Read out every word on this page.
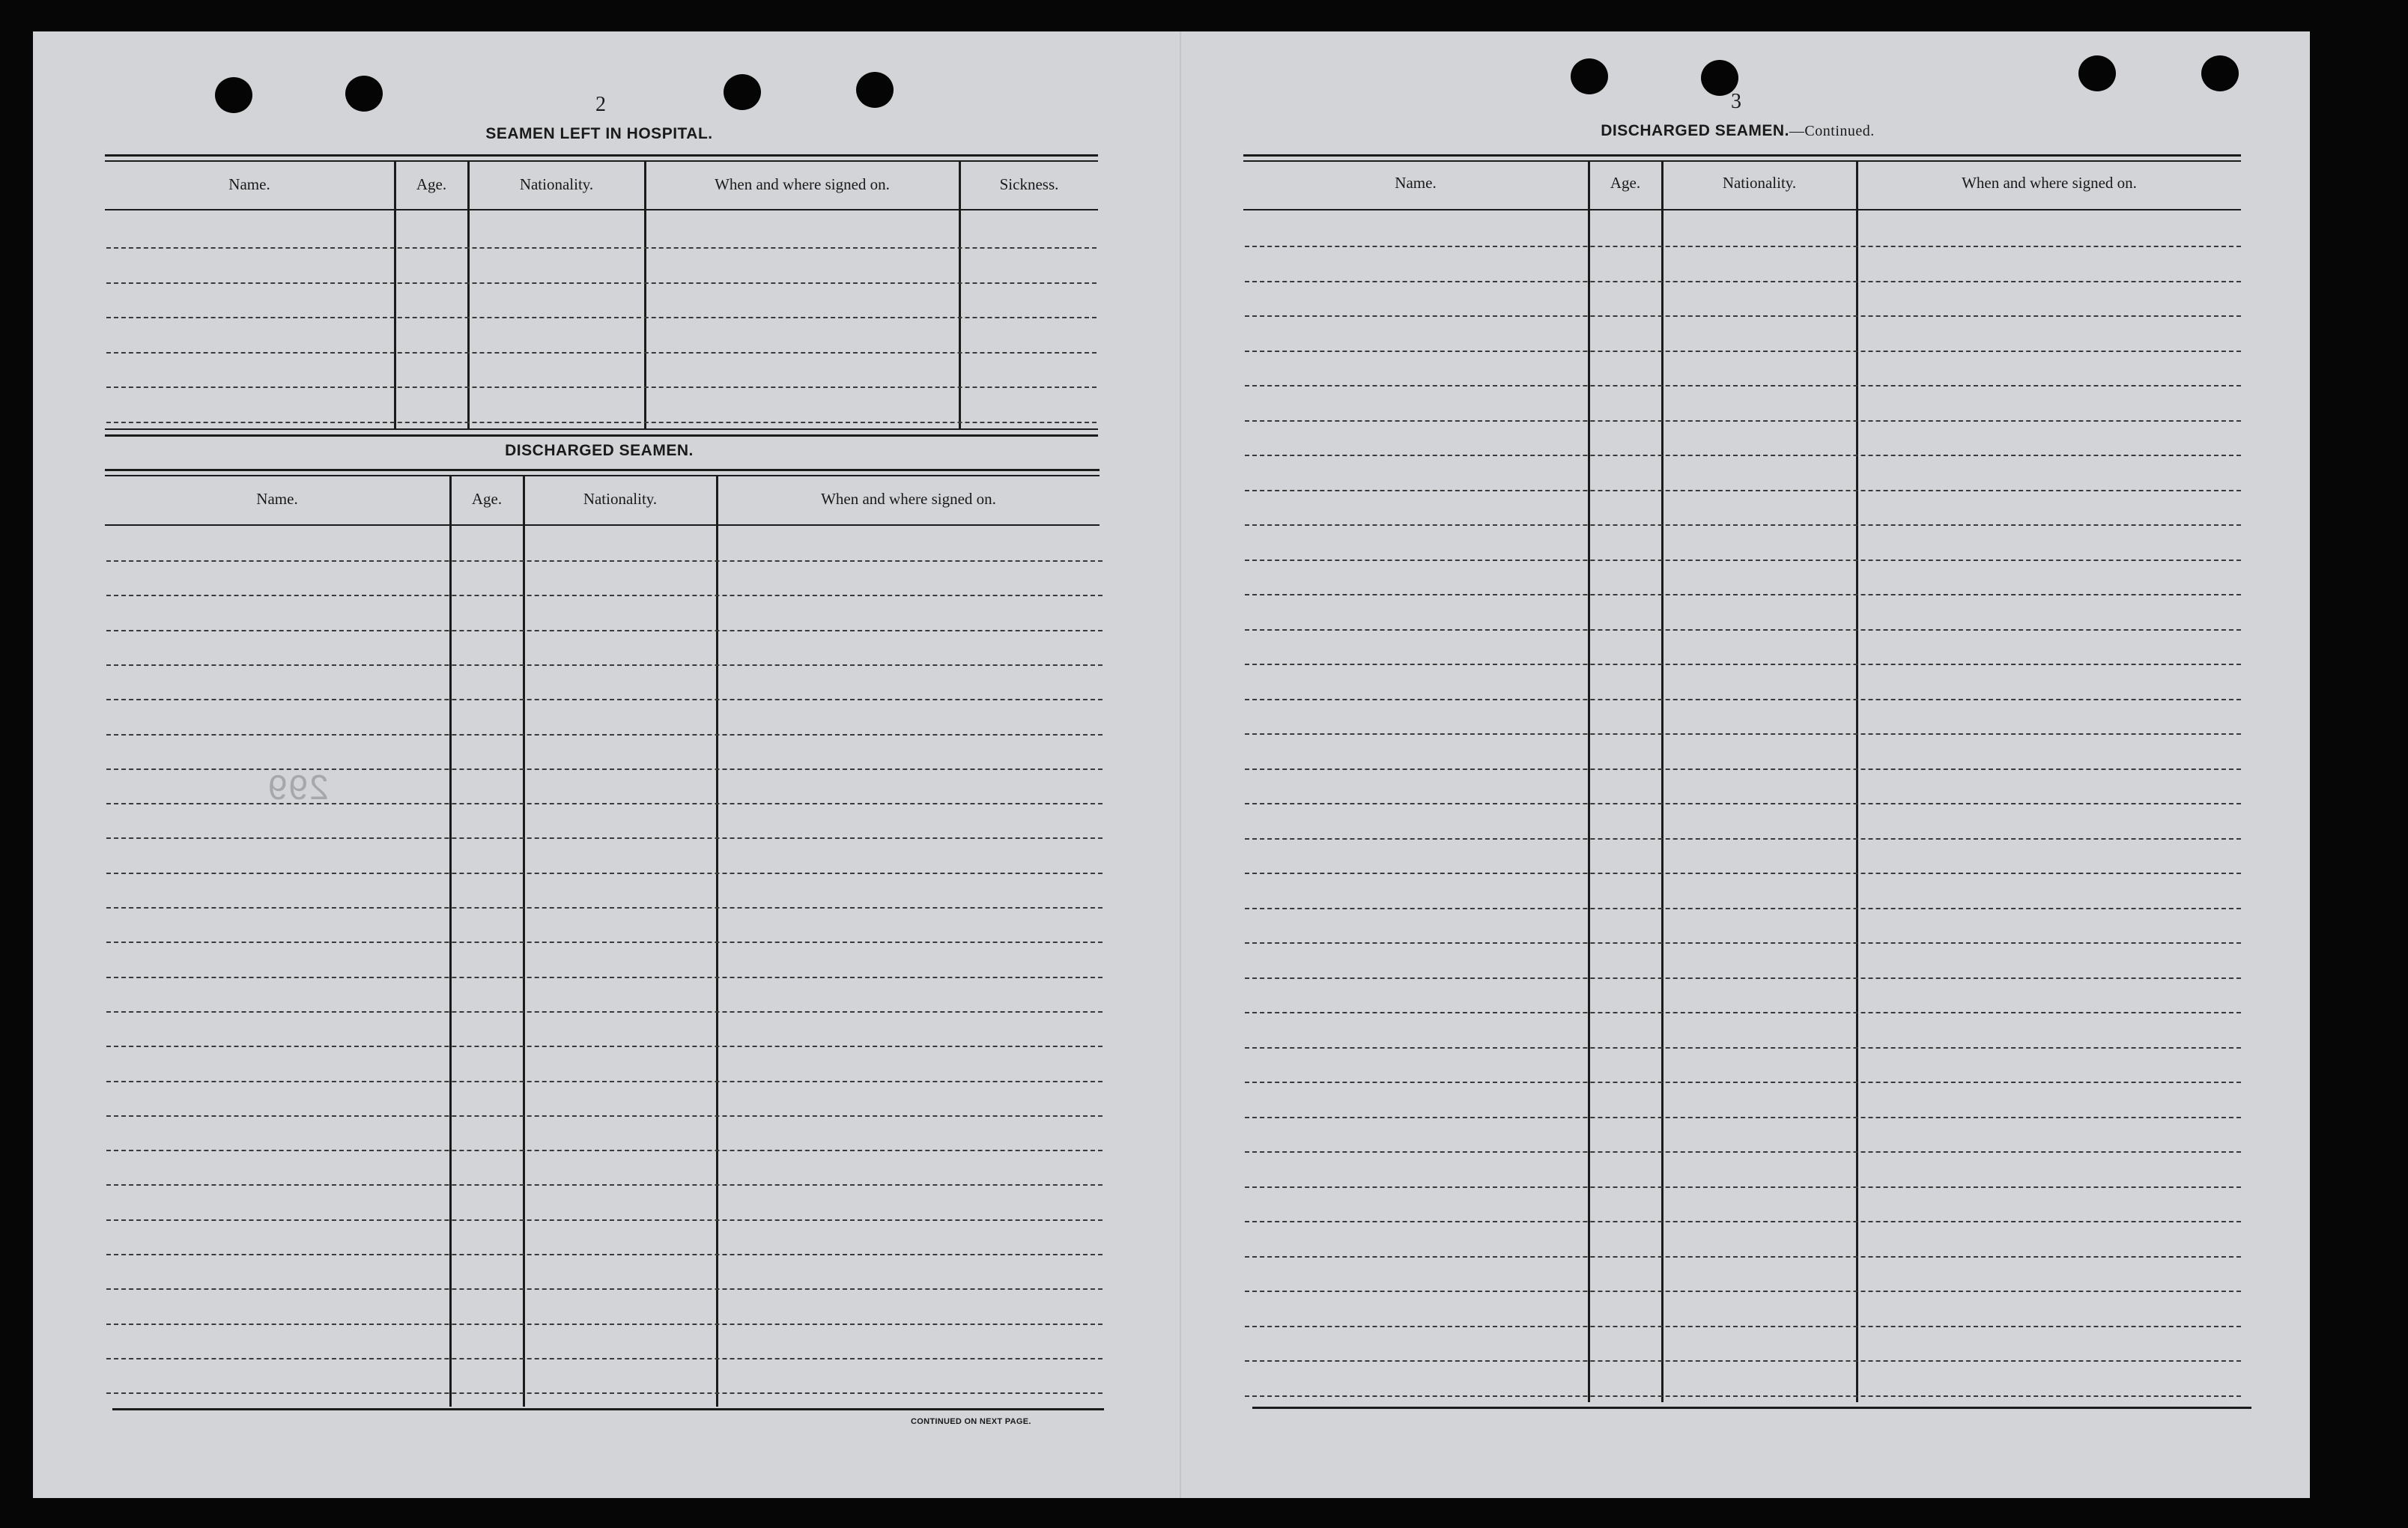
2
SEAMEN LEFT IN HOSPITAL.
Name.	Age.	Nationality.	When and where signed on.	Sickness.
DISCHARGED SEAMEN.
Name.	Age.	Nationality.	When and where signed on.
CONTINUED ON NEXT PAGE.
299
3
DISCHARGED SEAMEN.—Continued.
Name.	Age.	Nationality.	When and where signed on.
